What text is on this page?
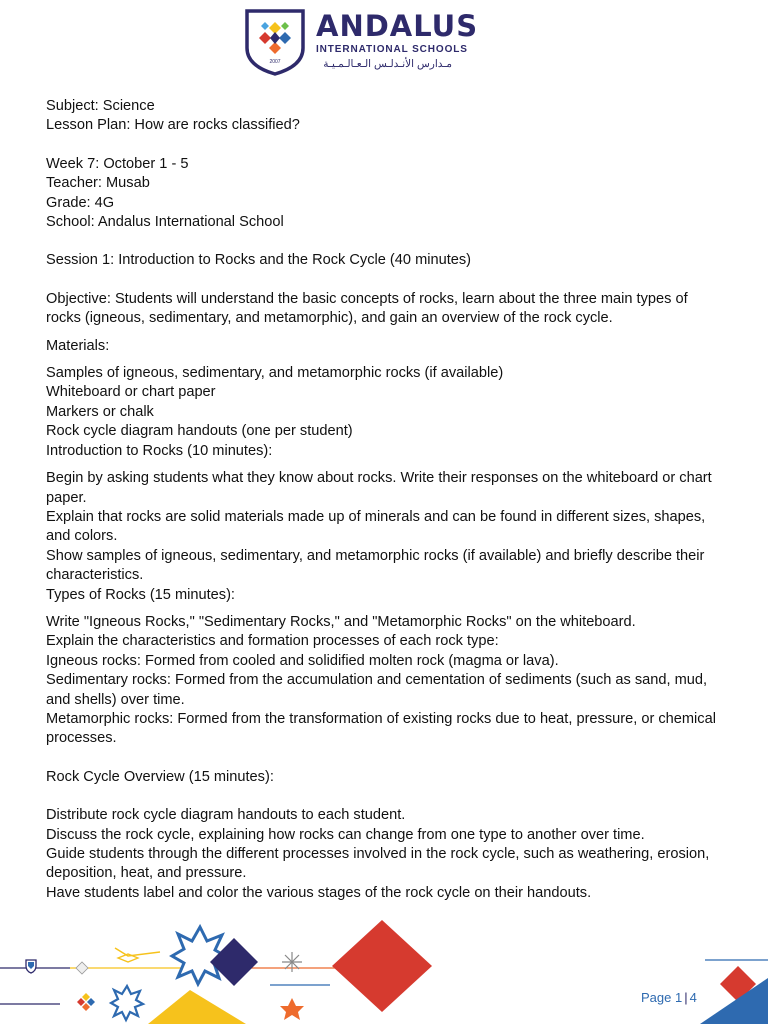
2007
ANDALUS
INTERNATIONAL SCHOOLS
مـدارس الأنـدلـس الـعـالـمـيـة

Subject: Science

Lesson Plan: How are rocks classified?

Week 7: October 1 - 5

Teacher: Musab

Grade: 4G

School: Andalus International School

Session 1: Introduction to Rocks and the Rock Cycle (40 minutes)

Objective: Students will understand the basic concepts of rocks, learn about the three main types of rocks (igneous, sedimentary, and metamorphic), and gain an overview of the rock cycle.

Materials:

Samples of igneous, sedimentary, and metamorphic rocks (if available)

Whiteboard or chart paper

Markers or chalk

Rock cycle diagram handouts (one per student)

Introduction to Rocks (10 minutes):

Begin by asking students what they know about rocks. Write their responses on the whiteboard or chart paper.

Explain that rocks are solid materials made up of minerals and can be found in different sizes, shapes, and colors.

Show samples of igneous, sedimentary, and metamorphic rocks (if available) and briefly describe their characteristics.

Types of Rocks (15 minutes):

Write "Igneous Rocks," "Sedimentary Rocks," and "Metamorphic Rocks" on the whiteboard.

Explain the characteristics and formation processes of each rock type:

Igneous rocks: Formed from cooled and solidified molten rock (magma or lava).

Sedimentary rocks: Formed from the accumulation and cementation of sediments (such as sand, mud, and shells) over time.

Metamorphic rocks: Formed from the transformation of existing rocks due to heat, pressure, or chemical processes.

Rock Cycle Overview (15 minutes):

Distribute rock cycle diagram handouts to each student.

Discuss the rock cycle, explaining how rocks can change from one type to another over time.

Guide students through the different processes involved in the rock cycle, such as weathering, erosion, deposition, heat, and pressure.

Have students label and color the various stages of the rock cycle on their handouts.

Page 1 | 4
